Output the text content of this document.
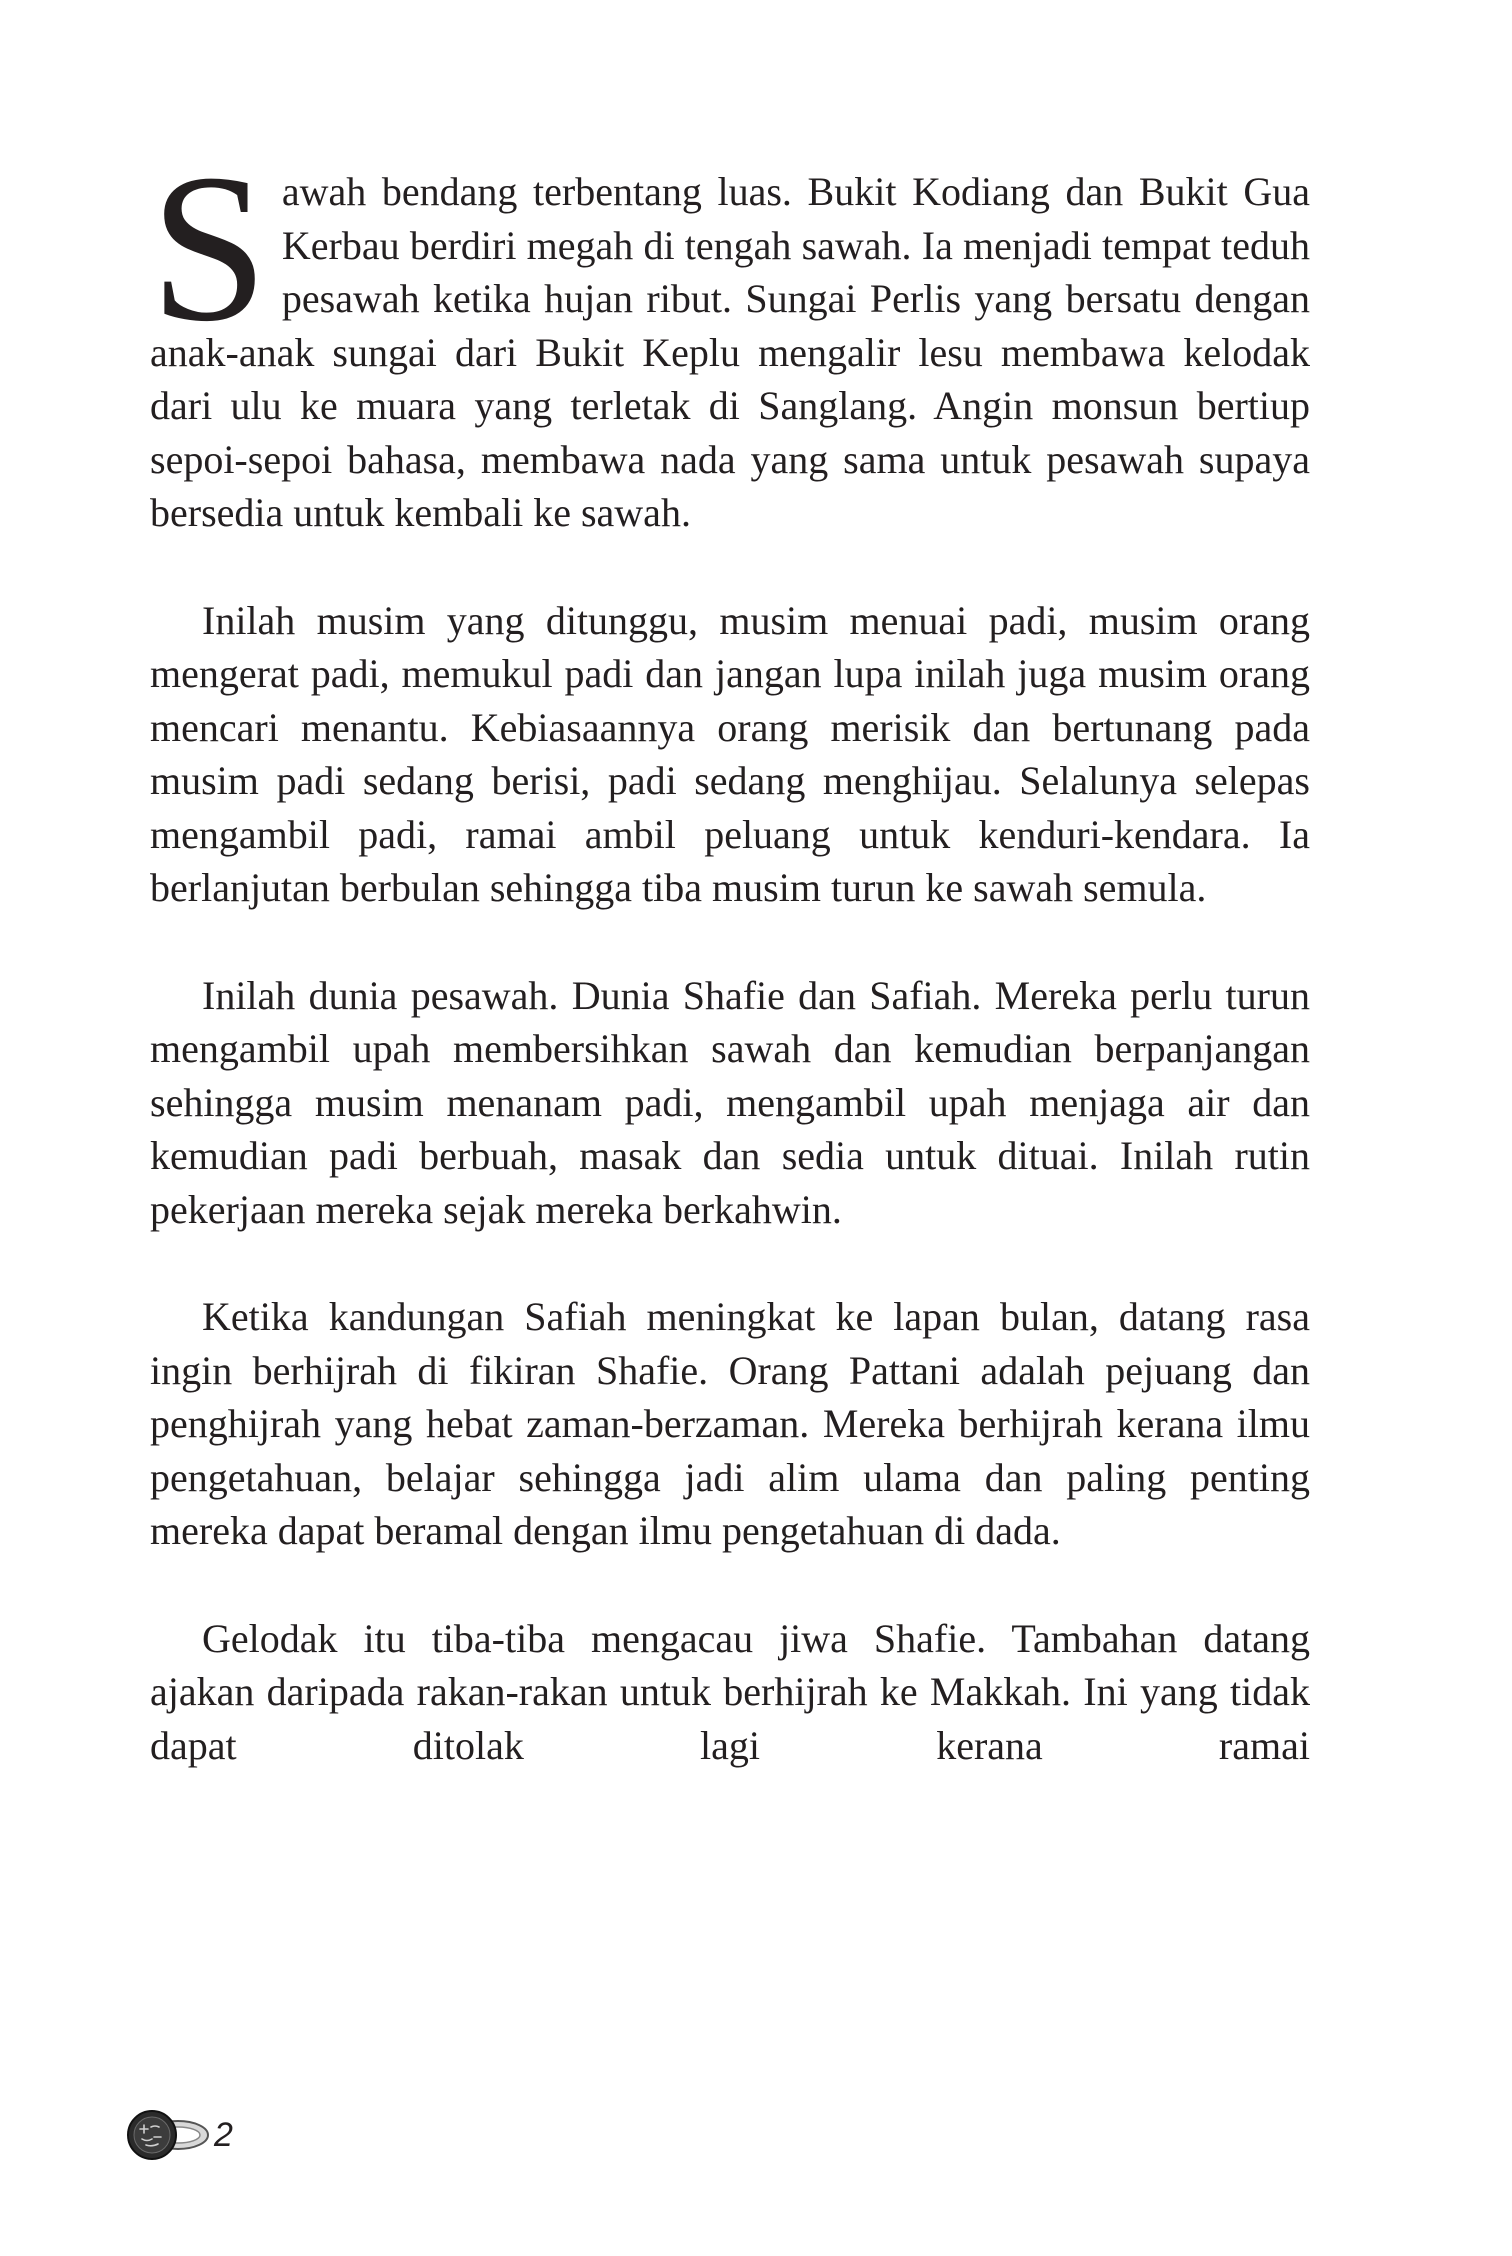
Sawah bendang terbentang luas. Bukit Kodiang dan Bukit Gua Kerbau berdiri megah di tengah sawah. Ia menjadi tempat teduh pesawah ketika hujan ribut. Sungai Perlis yang bersatu dengan anak-anak sungai dari Bukit Keplu mengalir lesu membawa kelodak dari ulu ke muara yang terletak di Sanglang. Angin monsun bertiup sepoi-sepoi bahasa, membawa nada yang sama untuk pesawah supaya bersedia untuk kembali ke sawah.

Inilah musim yang ditunggu, musim menuai padi, musim orang mengerat padi, memukul padi dan jangan lupa inilah juga musim orang mencari menantu. Kebiasaannya orang merisik dan bertunang pada musim padi sedang berisi, padi sedang menghijau. Selalunya selepas mengambil padi, ramai ambil peluang untuk kenduri-kendara. Ia berlanjutan berbulan sehingga tiba musim turun ke sawah semula.

Inilah dunia pesawah. Dunia Shafie dan Safiah. Mereka perlu turun mengambil upah membersihkan sawah dan kemudian berpanjangan sehingga musim menanam padi, mengambil upah menjaga air dan kemudian padi berbuah, masak dan sedia untuk dituai. Inilah rutin pekerjaan mereka sejak mereka berkahwin.

Ketika kandungan Safiah meningkat ke lapan bulan, datang rasa ingin berhijrah di fikiran Shafie. Orang Pattani adalah pejuang dan penghijrah yang hebat zaman-berzaman. Mereka berhijrah kerana ilmu pengetahuan, belajar sehingga jadi alim ulama dan paling penting mereka dapat beramal dengan ilmu pengetahuan di dada.

Gelodak itu tiba-tiba mengacau jiwa Shafie. Tambahan datang ajakan daripada rakan-rakan untuk berhijrah ke Makkah. Ini yang tidak dapat ditolak lagi kerana ramai

2
